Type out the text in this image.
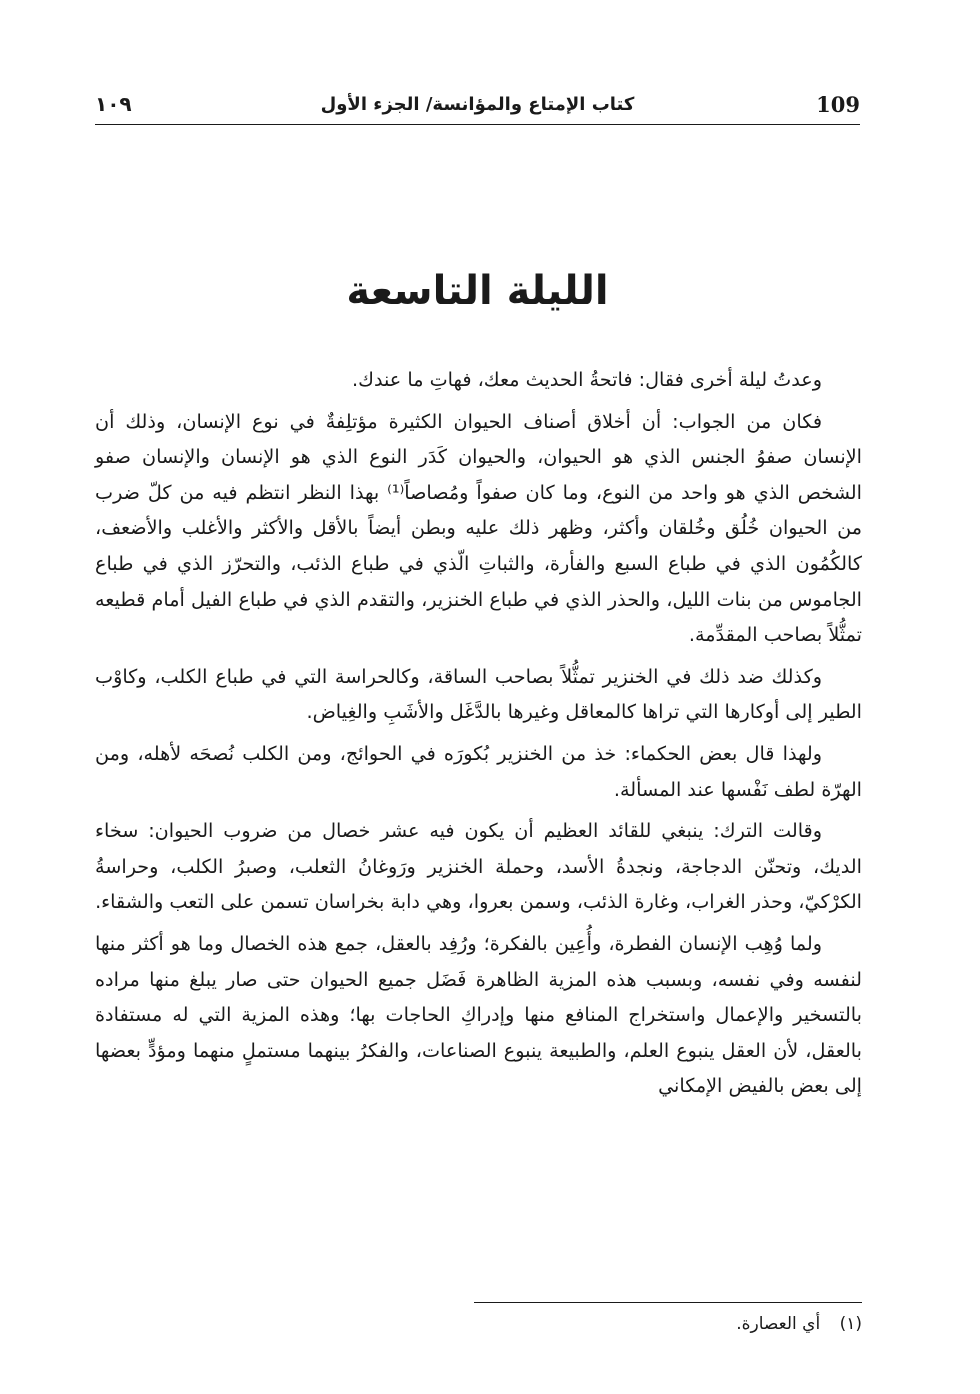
١٠٩	كتاب الإمتاع والمؤانسة/ الجزء الأول	109
الليلة التاسعة

وعدتُ ليلة أخرى فقال: فاتحةُ الحديث معك، فهاتِ ما عندك.

فكان من الجواب: أن أخلاق أصناف الحيوان الكثيرة مؤتلِفةٌ في نوع الإنسان، وذلك أن الإنسان صفوُ الجنس الذي هو الحيوان، والحيوان كَدَر النوع الذي هو الإنسان والإنسان صفو الشخص الذي هو واحد من النوع، وما كان صفواً ومُصاصاً⁽¹⁾ بهذا النظر انتظم فيه من كلّ ضرب من الحيوان خُلُق وخُلقان وأكثر، وظهر ذلك عليه وبطن أيضاً بالأقل والأكثر والأغلب والأضعف، كالكُمُون الذي في طباع السبع والفأرة، والثباتِ الّذي في طباع الذئب، والتحرّز الذي في طباع الجاموس من بنات الليل، والحذر الذي في طباع الخنزير، والتقدم الذي في طباع الفيل أمام قطيعه تمثُّلاً بصاحب المقدِّمة.

وكذلك ضد ذلك في الخنزير تمثُّلاً بصاحب الساقة، وكالحراسة التي في طباع الكلب، وكاوْب الطير إلى أوكارها التي تراها كالمعاقل وغيرها بالدَّغَل والأشَبِ والغِياض.

ولهذا قال بعض الحكماء: خذ من الخنزير بُكورَه في الحوائج، ومن الكلب نُصحَه لأهله، ومن الهرّة لطف نَفْسها عند المسألة.

وقالت الترك: ينبغي للقائد العظيم أن يكون فيه عشر خصال من ضروب الحيوان: سخاء الديك، وتحنّن الدجاجة، ونجدةُ الأسد، وحملة الخنزير ورَوغانُ الثعلب، وصبرُ الكلب، وحراسةُ الكرْكيّ، وحذر الغراب، وغارة الذئب، وسمن بعروا، وهي دابة بخراسان تسمن على التعب والشقاء.

ولما وُهِب الإنسان الفطرة، وأُعِين بالفكرة؛ ورُفِد بالعقل، جمع هذه الخصال وما هو أكثر منها لنفسه وفي نفسه، وبسبب هذه المزية الظاهرة فَضَل جميع الحيوان حتى صار يبلغ منها مراده بالتسخير والإعمال واستخراج المنافع منها وإدراكِ الحاجات بها؛ وهذه المزية التي له مستفادة بالعقل، لأن العقل ينبوع العلم، والطبيعة ينبوع الصناعات، والفكرُ بينهما مستملٍ منهما ومؤدٍّ بعضها إلى بعض بالفيض الإمكاني

(١) أي العصارة.
